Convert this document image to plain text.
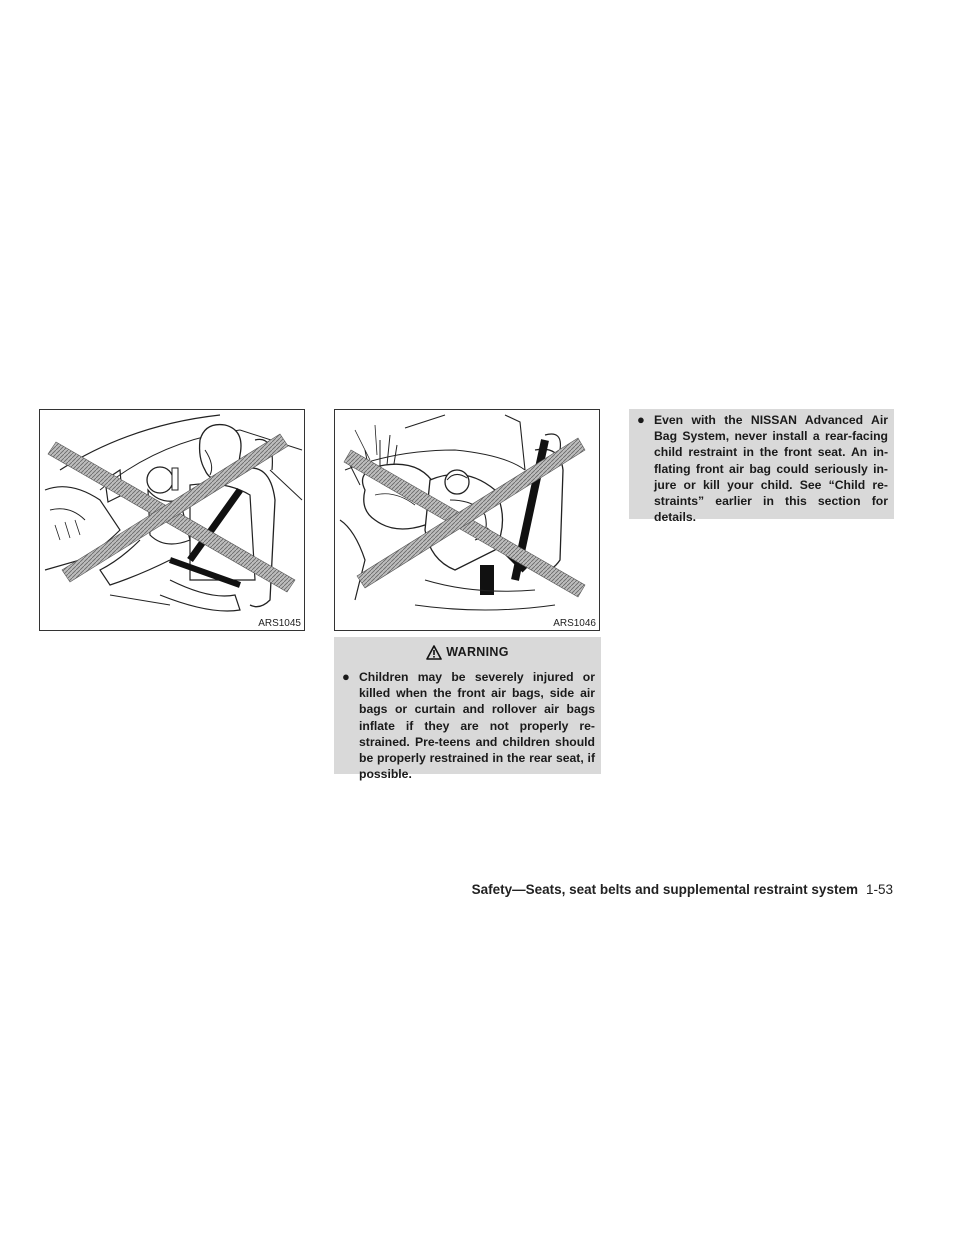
ARS1045	ARS1046
WARNING
● Children may be severely injured or killed when the front air bags, side air bags or curtain and rollover air bags inflate if they are not properly re-strained. Pre-teens and children should be properly restrained in the rear seat, if possible.
● Even with the NISSAN Advanced Air Bag System, never install a rear-facing child restraint in the front seat. An in-flating front air bag could seriously in-jure or kill your child. See “Child re-straints” earlier in this section for details.
Safety—Seats, seat belts and supplemental restraint system 1-53
